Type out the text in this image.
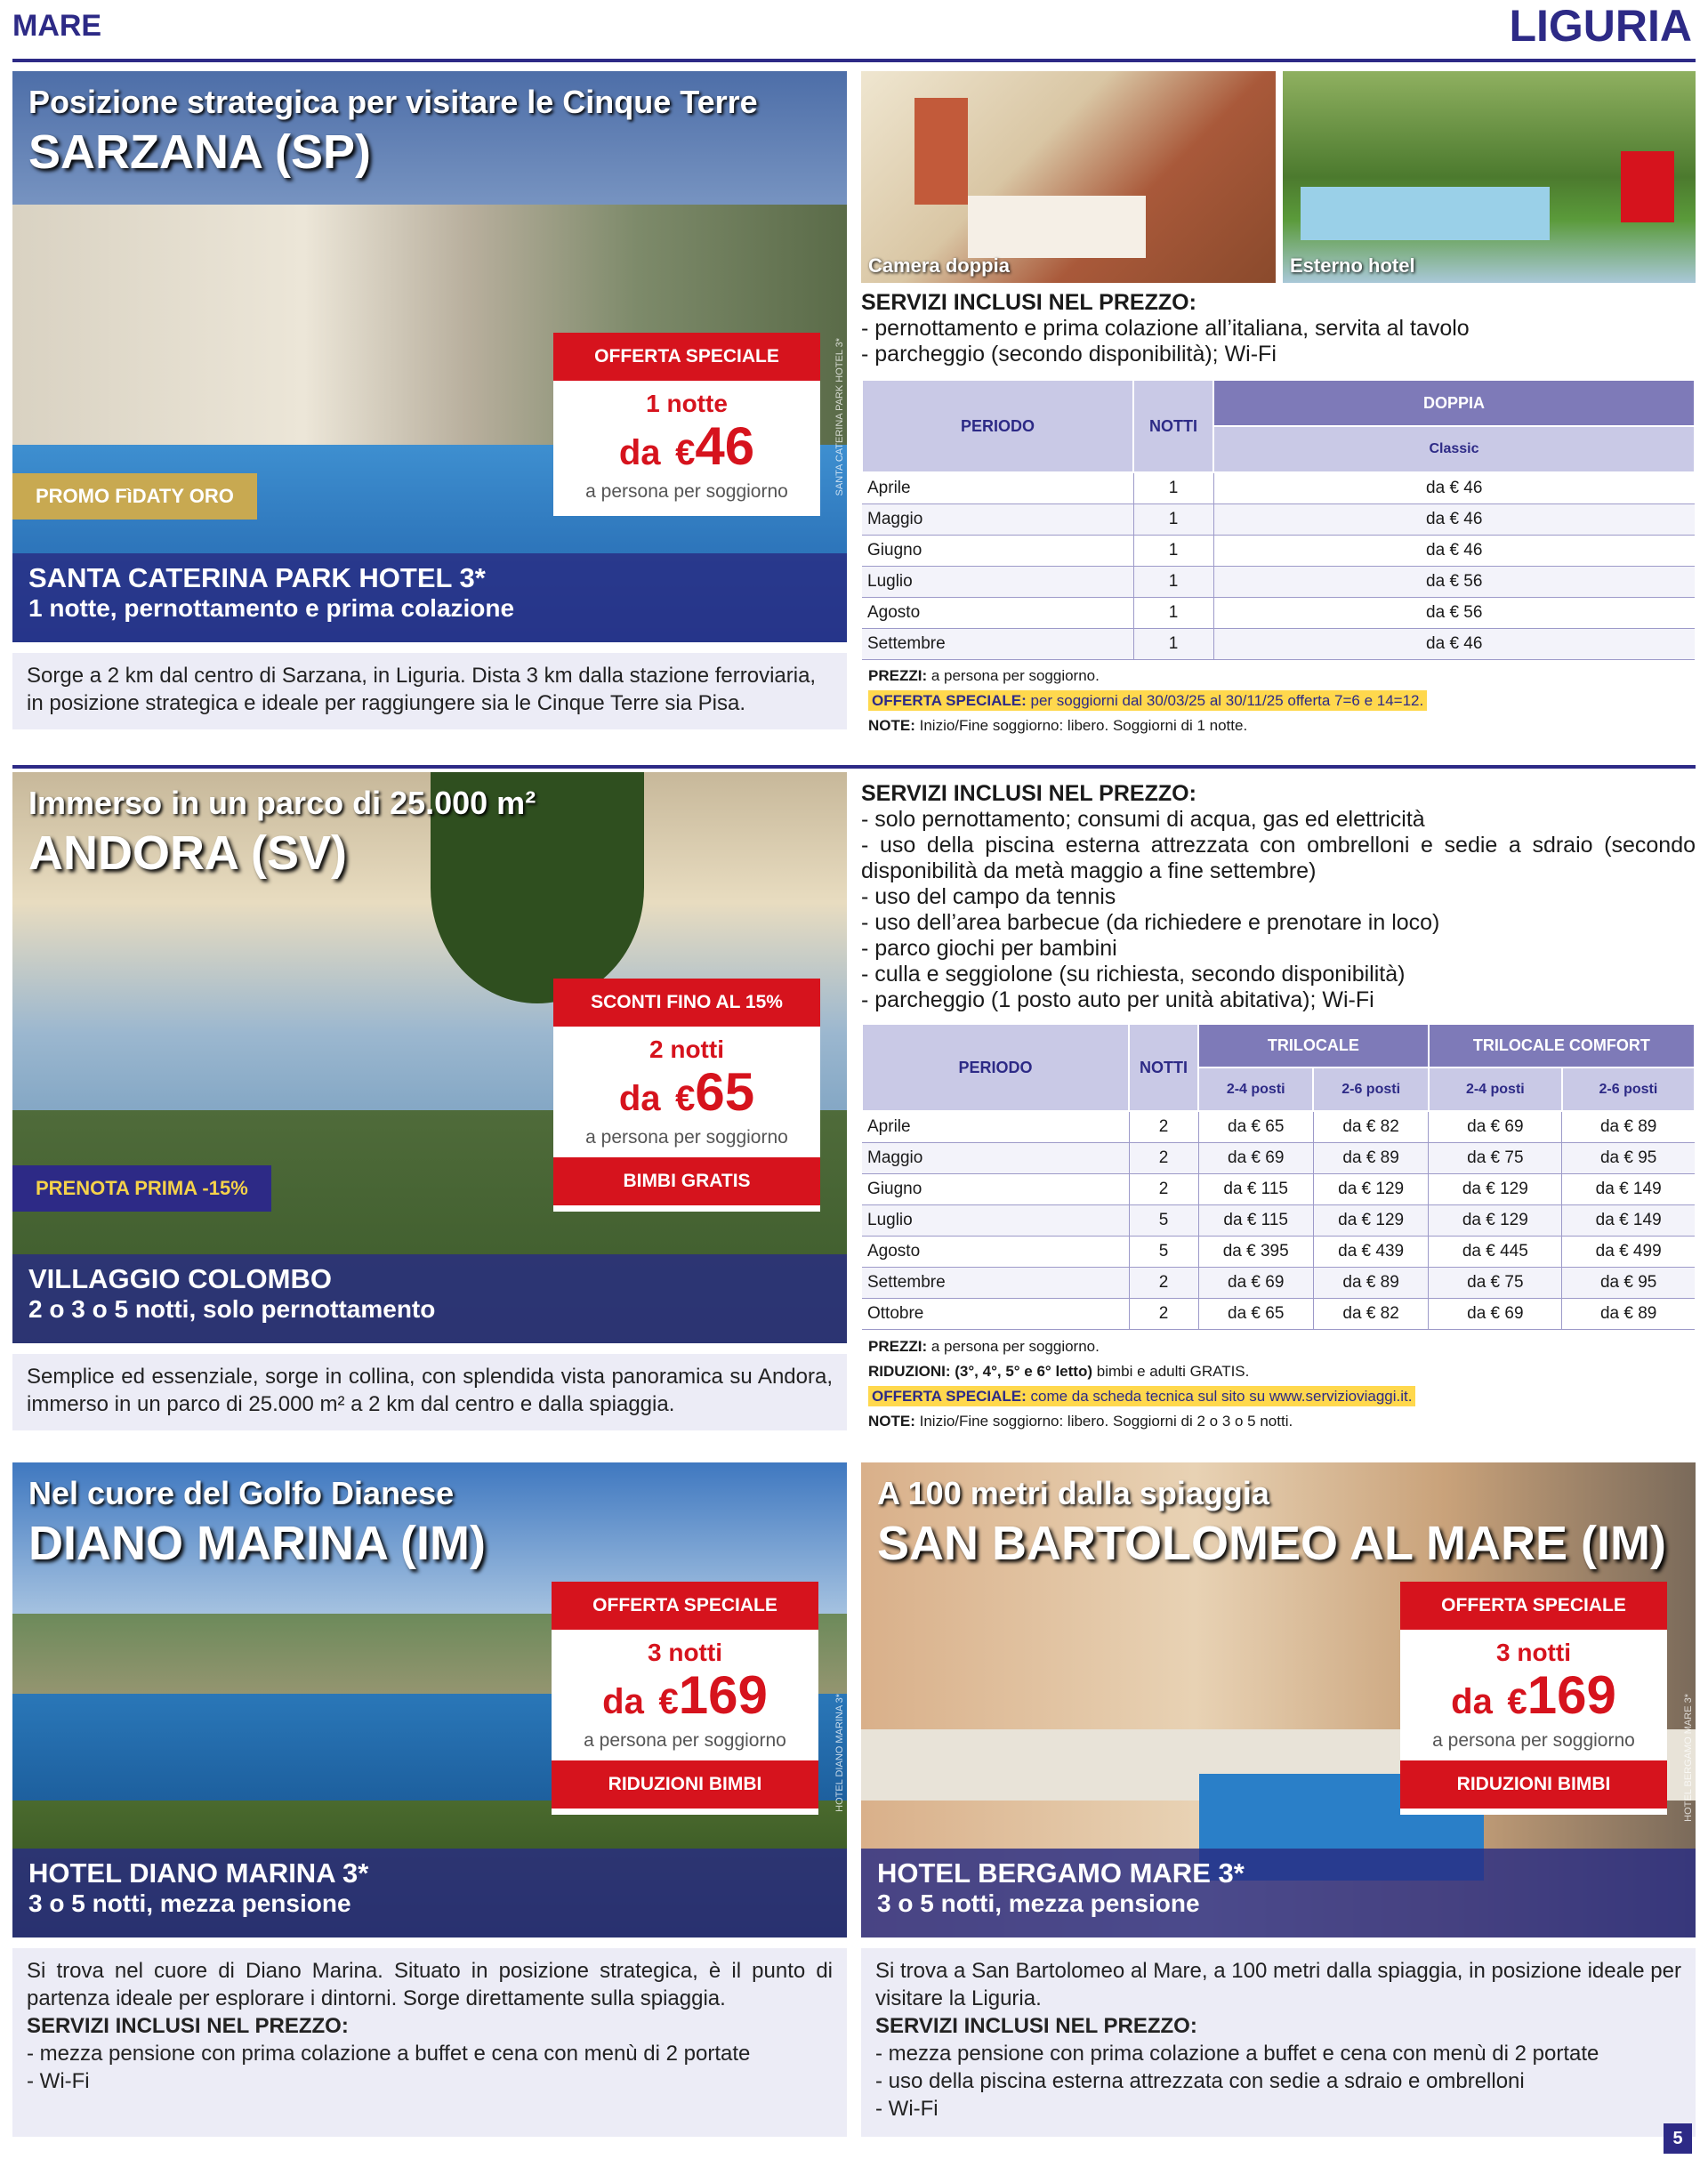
MARE	LIGURIA
Posizione strategica per visitare le Cinque Terre
SARZANA (SP)
SANTA CATERINA PARK HOTEL 3*
PROMO FìDATY ORO
SANTA CATERINA PARK HOTEL 3*
1 notte, pernottamento e prima colazione
OFFERTA SPECIALE
1 notte
da €46
a persona per soggiorno
Sorge a 2 km dal centro di Sarzana, in Liguria. Dista 3 km dalla stazione ferroviaria, in posizione strategica e ideale per raggiungere sia le Cinque Terre sia Pisa.
Camera doppia	Esterno hotel
SERVIZI INCLUSI NEL PREZZO:
- pernottamento e prima colazione all’italiana, servita al tavolo
- parcheggio (secondo disponibilità); Wi-Fi
PERIODO	NOTTI	DOPPIA
		Classic
Aprile	1	da € 46
Maggio	1	da € 46
Giugno	1	da € 46
Luglio	1	da € 56
Agosto	1	da € 56
Settembre	1	da € 46
PREZZI: a persona per soggiorno.
OFFERTA SPECIALE: per soggiorni dal 30/03/25 al 30/11/25 offerta 7=6 e 14=12.
NOTE: Inizio/Fine soggiorno: libero. Soggiorni di 1 notte.
Immerso in un parco di 25.000 m²
ANDORA (SV)
PRENOTA PRIMA -15%
VILLAGGIO COLOMBO
2 o 3 o 5 notti, solo pernottamento
SCONTI FINO AL 15%
2 notti
da €65
a persona per soggiorno
BIMBI GRATIS
Semplice ed essenziale, sorge in collina, con splendida vista panoramica su Andora, immerso in un parco di 25.000 m² a 2 km dal centro e dalla spiaggia.
SERVIZI INCLUSI NEL PREZZO:
- solo pernottamento; consumi di acqua, gas ed elettricità
- uso della piscina esterna attrezzata con ombrelloni e sedie a sdraio (secondo disponibilità da metà maggio a fine settembre)
- uso del campo da tennis
- uso dell’area barbecue (da richiedere e prenotare in loco)
- parco giochi per bambini
- culla e seggiolone (su richiesta, secondo disponibilità)
- parcheggio (1 posto auto per unità abitativa); Wi-Fi
PERIODO	NOTTI	TRILOCALE		TRILOCALE COMFORT	
		2-4 posti	2-6 posti	2-4 posti	2-6 posti
Aprile	2	da € 65	da € 82	da € 69	da € 89
Maggio	2	da € 69	da € 89	da € 75	da € 95
Giugno	2	da € 115	da € 129	da € 129	da € 149
Luglio	5	da € 115	da € 129	da € 129	da € 149
Agosto	5	da € 395	da € 439	da € 445	da € 499
Settembre	2	da € 69	da € 89	da € 75	da € 95
Ottobre	2	da € 65	da € 82	da € 69	da € 89
PREZZI: a persona per soggiorno.
RIDUZIONI: (3°, 4°, 5° e 6° letto) bimbi e adulti GRATIS.
OFFERTA SPECIALE: come da scheda tecnica sul sito su www.servizioviaggi.it.
NOTE: Inizio/Fine soggiorno: libero. Soggiorni di 2 o 3 o 5 notti.
Nel cuore del Golfo Dianese
DIANO MARINA (IM)
HOTEL DIANO MARINA 3*
HOTEL DIANO MARINA 3*
3 o 5 notti, mezza pensione
OFFERTA SPECIALE
3 notti
da €169
a persona per soggiorno
RIDUZIONI BIMBI
Si trova nel cuore di Diano Marina. Situato in posizione strategica, è il punto di partenza ideale per esplorare i dintorni. Sorge direttamente sulla spiaggia.
SERVIZI INCLUSI NEL PREZZO:
- mezza pensione con prima colazione a buffet e cena con menù di 2 portate
- Wi-Fi
A 100 metri dalla spiaggia
SAN BARTOLOMEO AL MARE (IM)
HOTEL BERGAMO MARE 3*
HOTEL BERGAMO MARE 3*
3 o 5 notti, mezza pensione
OFFERTA SPECIALE
3 notti
da €169
a persona per soggiorno
RIDUZIONI BIMBI
Si trova a San Bartolomeo al Mare, a 100 metri dalla spiaggia, in posizione ideale per visitare la Liguria.
SERVIZI INCLUSI NEL PREZZO:
- mezza pensione con prima colazione a buffet e cena con menù di 2 portate
- uso della piscina esterna attrezzata con sedie a sdraio e ombrelloni
- Wi-Fi
5
